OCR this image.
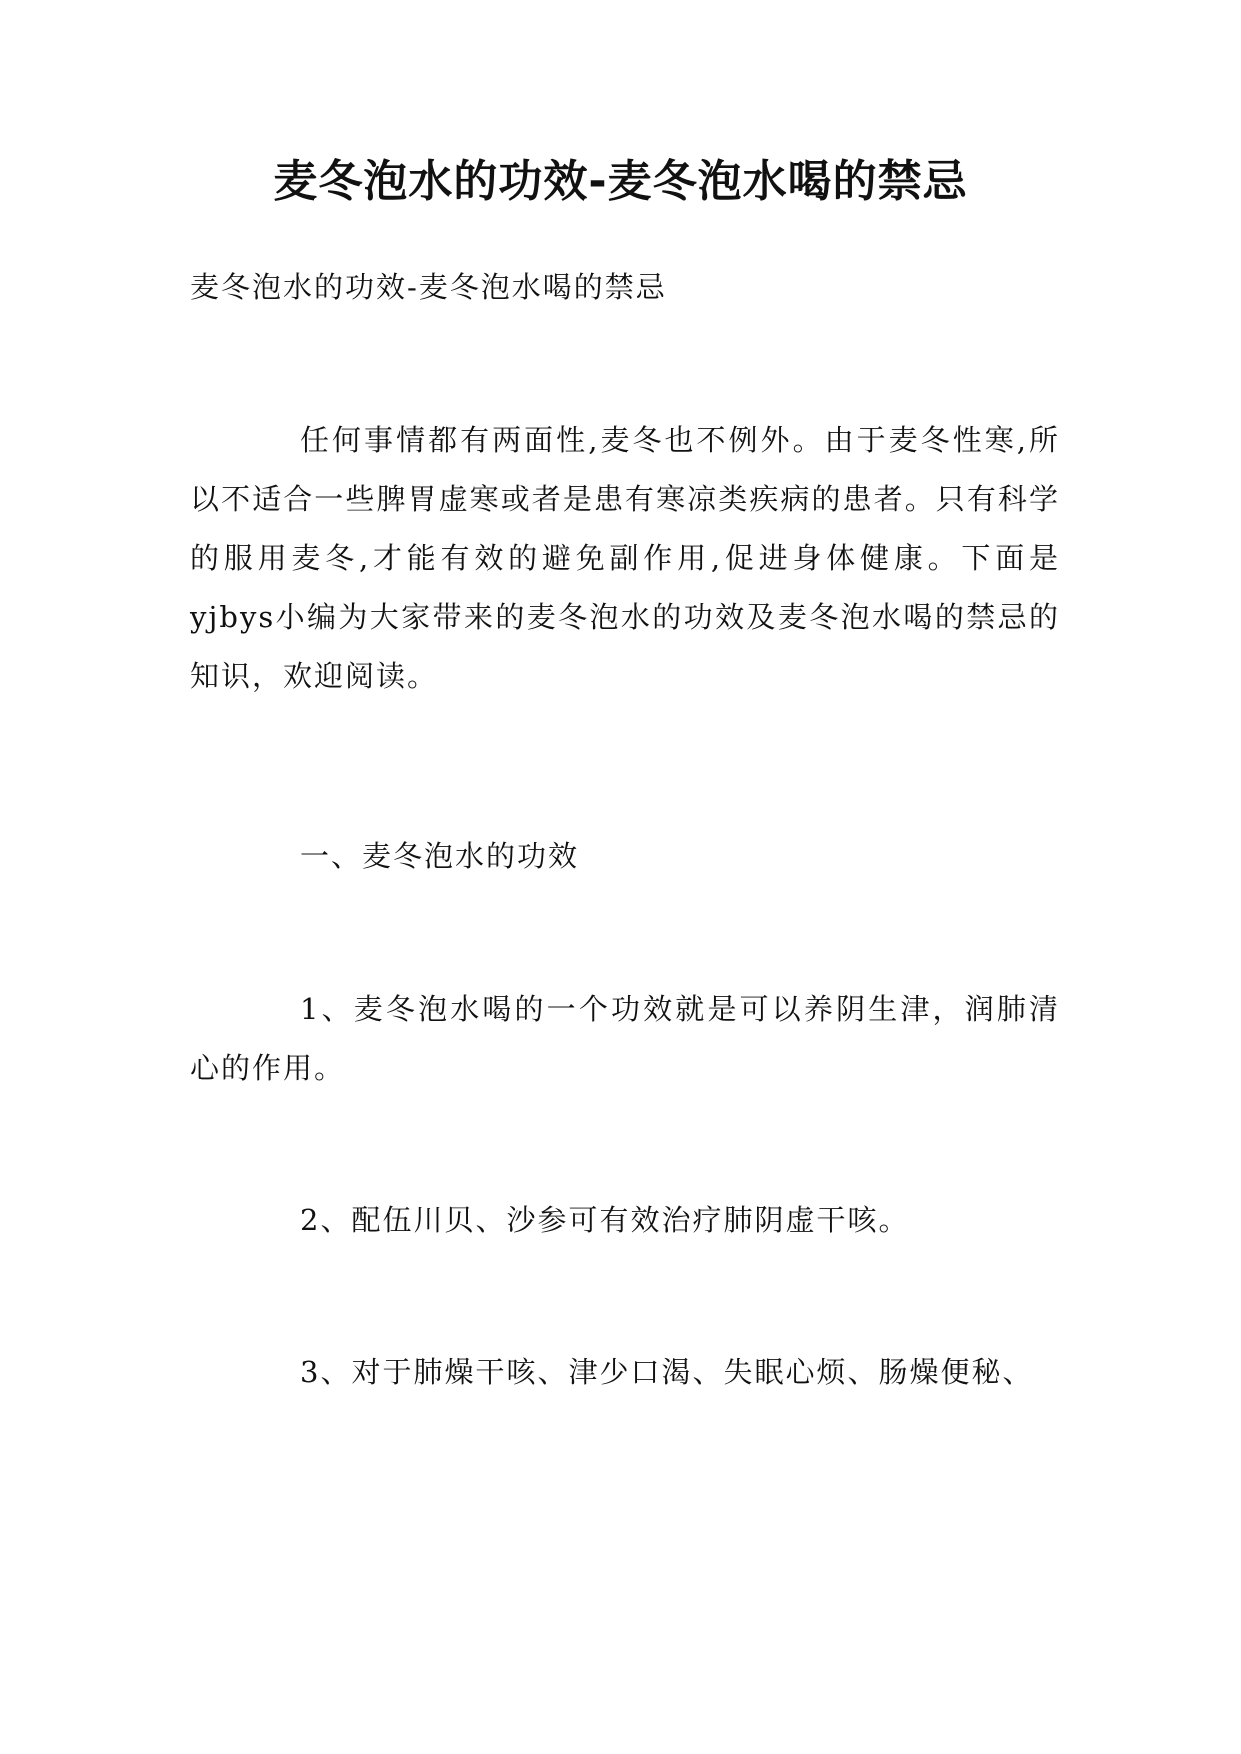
麦冬泡水的功效-麦冬泡水喝的禁忌

麦冬泡水的功效-麦冬泡水喝的禁忌

任何事情都有两面性,麦冬也不例外。由于麦冬性寒,所以不适合一些脾胃虚寒或者是患有寒凉类疾病的患者。只有科学的服用麦冬,才能有效的避免副作用,促进身体健康。下面是yjbys小编为大家带来的麦冬泡水的功效及麦冬泡水喝的禁忌的知识，欢迎阅读。

一、麦冬泡水的功效

1、麦冬泡水喝的一个功效就是可以养阴生津，润肺清心的作用。

2、配伍川贝、沙参可有效治疗肺阴虚干咳。

3、对于肺燥干咳、津少口渴、失眠心烦、肠燥便秘、
